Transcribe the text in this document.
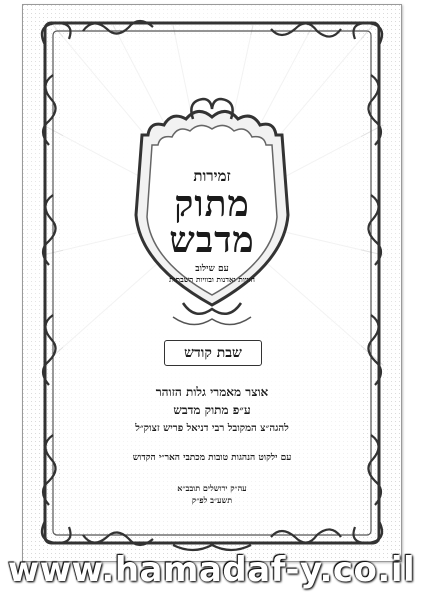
זמירות
מתוק
מדבש
עם שילוב
הוויות ואדנות ובוויות השבתות
שבת קודש
אוצר מאמרי גלות הזוהר
ע״פ מתוק מדבש
להגה״צ המקובל רבי דניאל פריש זצוק״ל
עם ילקוט הנהגות טובות מכתבי האר״י הקדוש
עה״ק ירושלים תובב״א
תשע״ב לפ״ק
www.hamadaf-y.co.il
